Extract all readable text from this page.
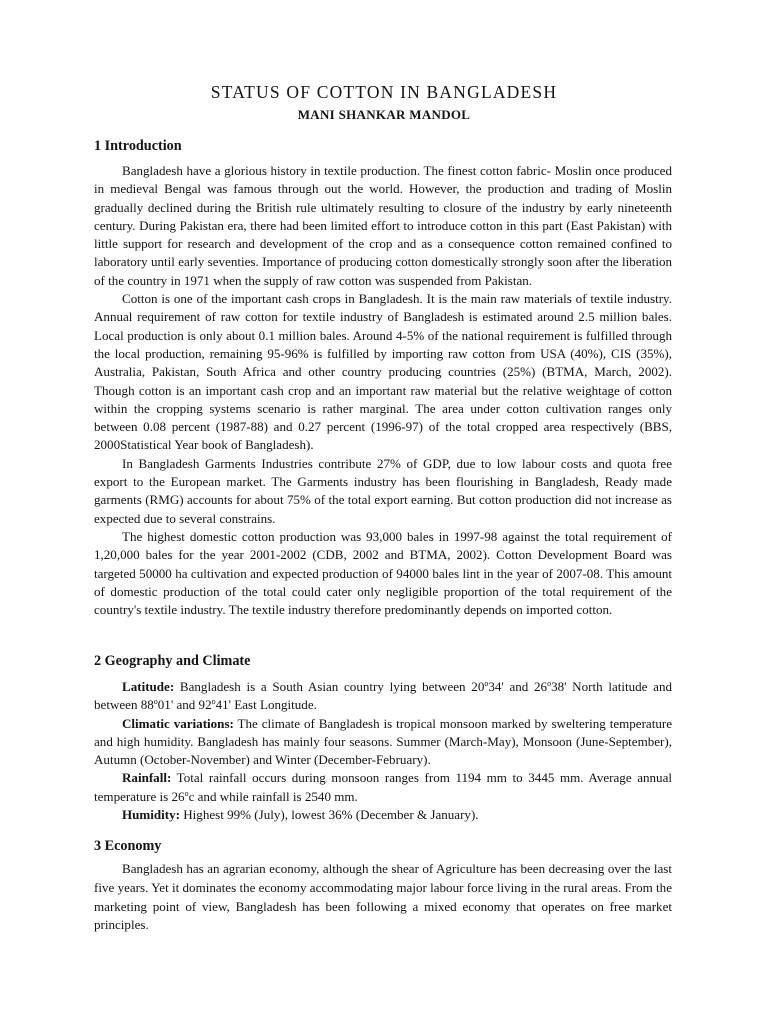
STATUS OF COTTON IN BANGLADESH
MANI SHANKAR MANDOL
1 Introduction

Bangladesh have a glorious history in textile production. The finest cotton fabric- Moslin once produced in medieval Bengal was famous through out the world. However, the production and trading of Moslin gradually declined during the British rule ultimately resulting to closure of the industry by early nineteenth century. During Pakistan era, there had been limited effort to introduce cotton in this part (East Pakistan) with little support for research and development of the crop and as a consequence cotton remained confined to laboratory until early seventies. Importance of producing cotton domestically strongly soon after the liberation of the country in 1971 when the supply of raw cotton was suspended from Pakistan.

Cotton is one of the important cash crops in Bangladesh. It is the main raw materials of textile industry. Annual requirement of raw cotton for textile industry of Bangladesh is estimated around 2.5 million bales. Local production is only about 0.1 million bales. Around 4-5% of the national requirement is fulfilled through the local production, remaining 95-96% is fulfilled by importing raw cotton from USA (40%), CIS (35%), Australia, Pakistan, South Africa and other country producing countries (25%) (BTMA, March, 2002). Though cotton is an important cash crop and an important raw material but the relative weightage of cotton within the cropping systems scenario is rather marginal. The area under cotton cultivation ranges only between 0.08 percent (1987-88) and 0.27 percent (1996-97) of the total cropped area respectively (BBS, 2000Statistical Year book of Bangladesh).

In Bangladesh Garments Industries contribute 27% of GDP, due to low labour costs and quota free export to the European market. The Garments industry has been flourishing in Bangladesh, Ready made garments (RMG) accounts for about 75% of the total export earning. But cotton production did not increase as expected due to several constrains.

The highest domestic cotton production was 93,000 bales in 1997-98 against the total requirement of 1,20,000 bales for the year 2001-2002 (CDB, 2002 and BTMA, 2002). Cotton Development Board was targeted 50000 ha cultivation and expected production of 94000 bales lint in the year of 2007-08. This amount of domestic production of the total could cater only negligible proportion of the total requirement of the country's textile industry. The textile industry therefore predominantly depends on imported cotton.

2 Geography and Climate

Latitude: Bangladesh is a South Asian country lying between 20$^o$34' and 26$^o$38' North latitude and between 88$^o$01' and 92$^o$41' East Longitude.

Climatic variations: The climate of Bangladesh is tropical monsoon marked by sweltering temperature and high humidity. Bangladesh has mainly four seasons. Summer (March-May), Monsoon (June-September), Autumn (October-November) and Winter (December-February).

Rainfall: Total rainfall occurs during monsoon ranges from 1194 mm to 3445 mm. Average annual temperature is 26$^o$c and while rainfall is 2540 mm.

Humidity: Highest 99% (July), lowest 36% (December & January).

3 Economy

Bangladesh has an agrarian economy, although the shear of Agriculture has been decreasing over the last five years. Yet it dominates the economy accommodating major labour force living in the rural areas. From the marketing point of view, Bangladesh has been following a mixed economy that operates on free market principles.
